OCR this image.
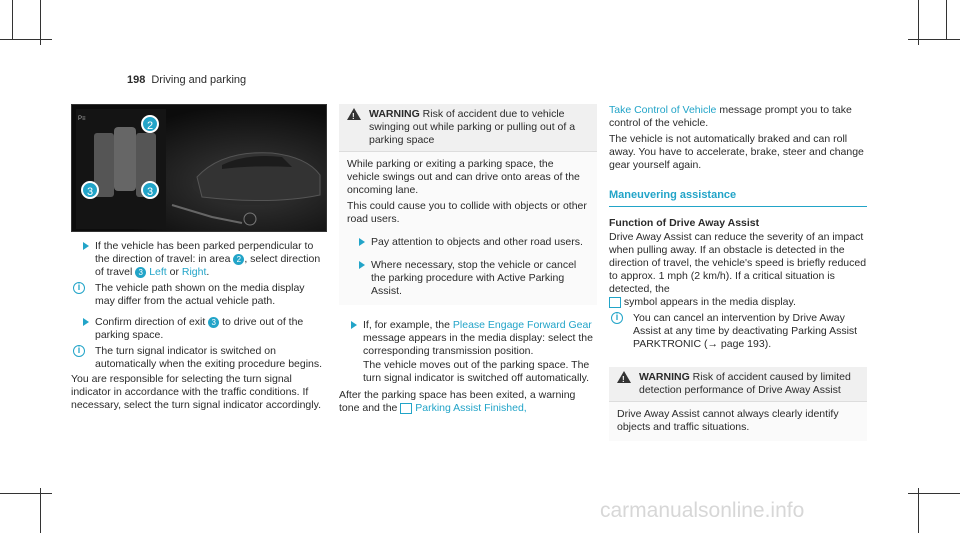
198 Driving and parking
P≡
2
3	3

If the vehicle has been parked perpendicular to the direction of travel: in area 2 , select direction of travel 3 Left or Right.

i	The vehicle path shown on the media display may differ from the actual vehicle path.

Confirm direction of exit 3 to drive out of the parking space.

i	The turn signal indicator is switched on automatically when the exiting procedure begins.

You are responsible for selecting the turn signal indicator in accordance with the traffic conditions. If necessary, select the turn signal indicator accordingly.

!
WARNING Risk of accident due to vehicle swinging out while parking or pulling out of a parking space

While parking or exiting a parking space, the vehicle swings out and can drive onto areas of the oncoming lane.

This could cause you to collide with objects or other road users.

Pay attention to objects and other road users.

Where necessary, stop the vehicle or cancel the parking procedure with Active Parking Assist.

If, for example, the Please Engage Forward Gear message appears in the media display: select the corresponding transmission position.

The vehicle moves out of the parking space. The turn signal indicator is switched off automatically.

After the parking space has been exited, a warning tone and the  Parking Assist Finished,

Take Control of Vehicle message prompt you to take control of the vehicle.

The vehicle is not automatically braked and can roll away. You have to accelerate, brake, steer and change gear yourself again.

Maneuvering assistance

Function of Drive Away Assist

Drive Away Assist can reduce the severity of an impact when pulling away. If an obstacle is detected in the direction of travel, the vehicle's speed is briefly reduced to approx. 1 mph (2 km/h). If a critical situation is detected, the
symbol appears in the media display.

i	You can cancel an intervention by Drive Away Assist at any time by deactivating Parking Assist PARKTRONIC (→ page 193).

!
WARNING Risk of accident caused by limited detection performance of Drive Away Assist

Drive Away Assist cannot always clearly identify objects and traffic situations.

carmanualsonline.info
